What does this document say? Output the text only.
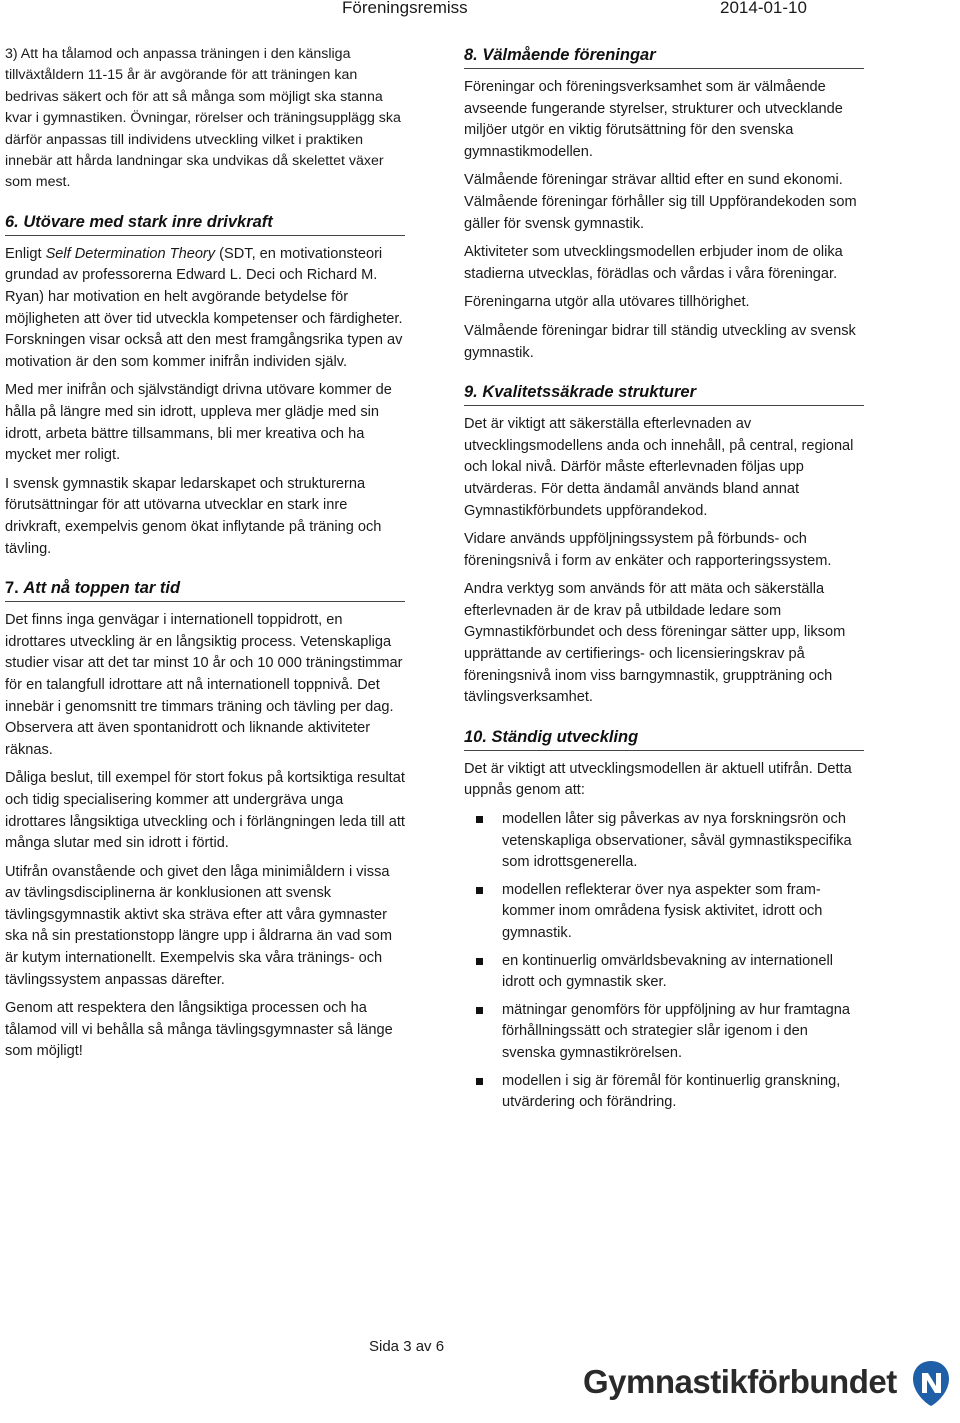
Föreningsremiss	2014-01-10

3) Att ha tålamod och anpassa träningen i den känsliga tillväxtåldern 11-15 år är avgörande för att träningen kan bedrivas säkert och för att så många som möjligt ska stanna kvar i gymnastiken. Övningar, rörelser och träningsupplägg ska därför anpassas till individens utveckling vilket i praktiken innebär att hårda landningar ska undvikas då skelettet växer som mest.

6. Utövare med stark inre drivkraft

Enligt Self Determination Theory (SDT, en motivationsteori grundad av professorerna Edward L. Deci och Richard M. Ryan) har motivation en helt avgörande betydelse för möjligheten att över tid utveckla kompetenser och färdigheter. Forskningen visar också att den mest framgångsrika typen av motivation är den som kommer inifrån individen själv.

Med mer inifrån och självständigt drivna utövare kommer de hålla på längre med sin idrott, uppleva mer glädje med sin idrott, arbeta bättre tillsammans, bli mer kreativa och ha mycket mer roligt.

I svensk gymnastik skapar ledarskapet och strukturerna förutsättningar för att utövarna utvecklar en stark inre drivkraft, exempelvis genom ökat inflytande på träning och tävling.

7. Att nå toppen tar tid

Det finns inga genvägar i internationell toppidrott, en idrottares utveckling är en långsiktig process. Vetenskapliga studier visar att det tar minst 10 år och 10 000 träningstimmar för en talangfull idrottare att nå internationell toppnivå. Det innebär i genomsnitt tre timmars träning och tävling per dag. Observera att även spontanidrott och liknande aktiviteter räknas.

Dåliga beslut, till exempel för stort fokus på kortsiktiga resultat och tidig specialisering kommer att undergräva unga idrottares långsiktiga utveckling och i förlängningen leda till att många slutar med sin idrott i förtid.

Utifrån ovanstående och givet den låga minimiåldern i vissa av tävlingsdisciplinerna är konklusionen att svensk tävlingsgymnastik aktivt ska sträva efter att våra gymnaster ska nå sin prestationstopp längre upp i åldrarna än vad som är kutym internationellt. Exempelvis ska våra tränings- och tävlingssystem anpassas därefter.

Genom att respektera den långsiktiga processen och ha tålamod vill vi behålla så många tävlingsgymnaster så länge som möjligt!

8. Välmående föreningar

Föreningar och föreningsverksamhet som är välmående avseende fungerande styrelser, strukturer och utvecklande miljöer utgör en viktig förutsättning för den svenska gymnastikmodellen.

Välmående föreningar strävar alltid efter en sund ekonomi. Välmående föreningar förhåller sig till Uppförandekoden som gäller för svensk gymnastik.

Aktiviteter som utvecklingsmodellen erbjuder inom de olika stadierna utvecklas, förädlas och vårdas i våra föreningar.

Föreningarna utgör alla utövares tillhörighet.

Välmående föreningar bidrar till ständig utveckling av svensk gymnastik.

9. Kvalitetssäkrade strukturer

Det är viktigt att säkerställa efterlevnaden av utvecklingsmodellens anda och innehåll, på central, regional och lokal nivå. Därför måste efterlevnaden följas upp utvärderas. För detta ändamål används bland annat Gymnastikförbundets uppförandekod.

Vidare används uppföljningssystem på förbunds- och föreningsnivå i form av enkäter och rapporteringssystem.

Andra verktyg som används för att mäta och säkerställa efterlevnaden är de krav på utbildade ledare som Gymnastikförbundet och dess föreningar sätter upp, liksom upprättande av certifierings- och licensieringskrav på föreningsnivå inom viss barngymnastik, gruppträning och tävlingsverksamhet.

10. Ständig utveckling

Det är viktigt att utvecklingsmodellen är aktuell utifrån. Detta uppnås genom att:

modellen låter sig påverkas av nya forskningsrön och vetenskapliga observationer, såväl gymnastikspecifika som idrottsgenerella.
modellen reflekterar över nya aspekter som fram-kommer inom områdena fysisk aktivitet, idrott och gymnastik.
en kontinuerlig omvärldsbevakning av internationell idrott och gymnastik sker.
mätningar genomförs för uppföljning av hur framtagna förhållningssätt och strategier slår igenom i den svenska gymnastikrörelsen.
modellen i sig är föremål för kontinuerlig granskning, utvärdering och förändring.
Sida 3 av 6
Gymnastikförbundet
